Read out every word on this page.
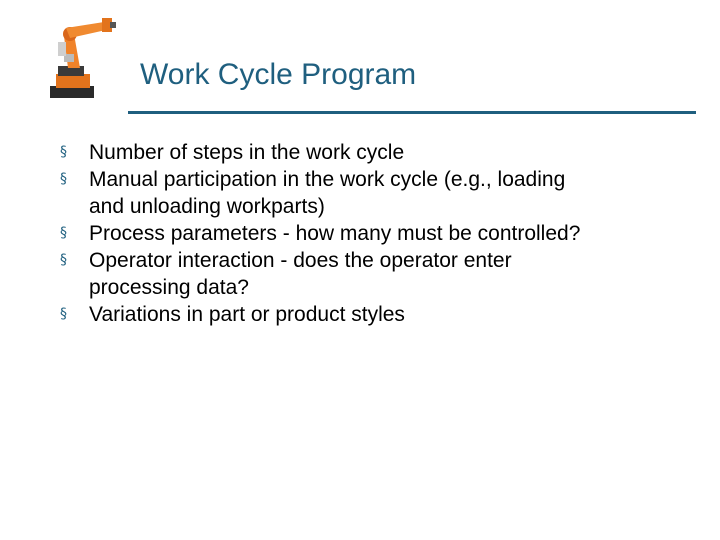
Work Cycle Program
§	Number of steps in the work cycle
§	Manual participation in the work cycle (e.g., loading
and unloading workparts)
§	Process parameters - how many must be controlled?
§	Operator interaction - does the operator enter
processing data?
§	Variations in part or product styles
